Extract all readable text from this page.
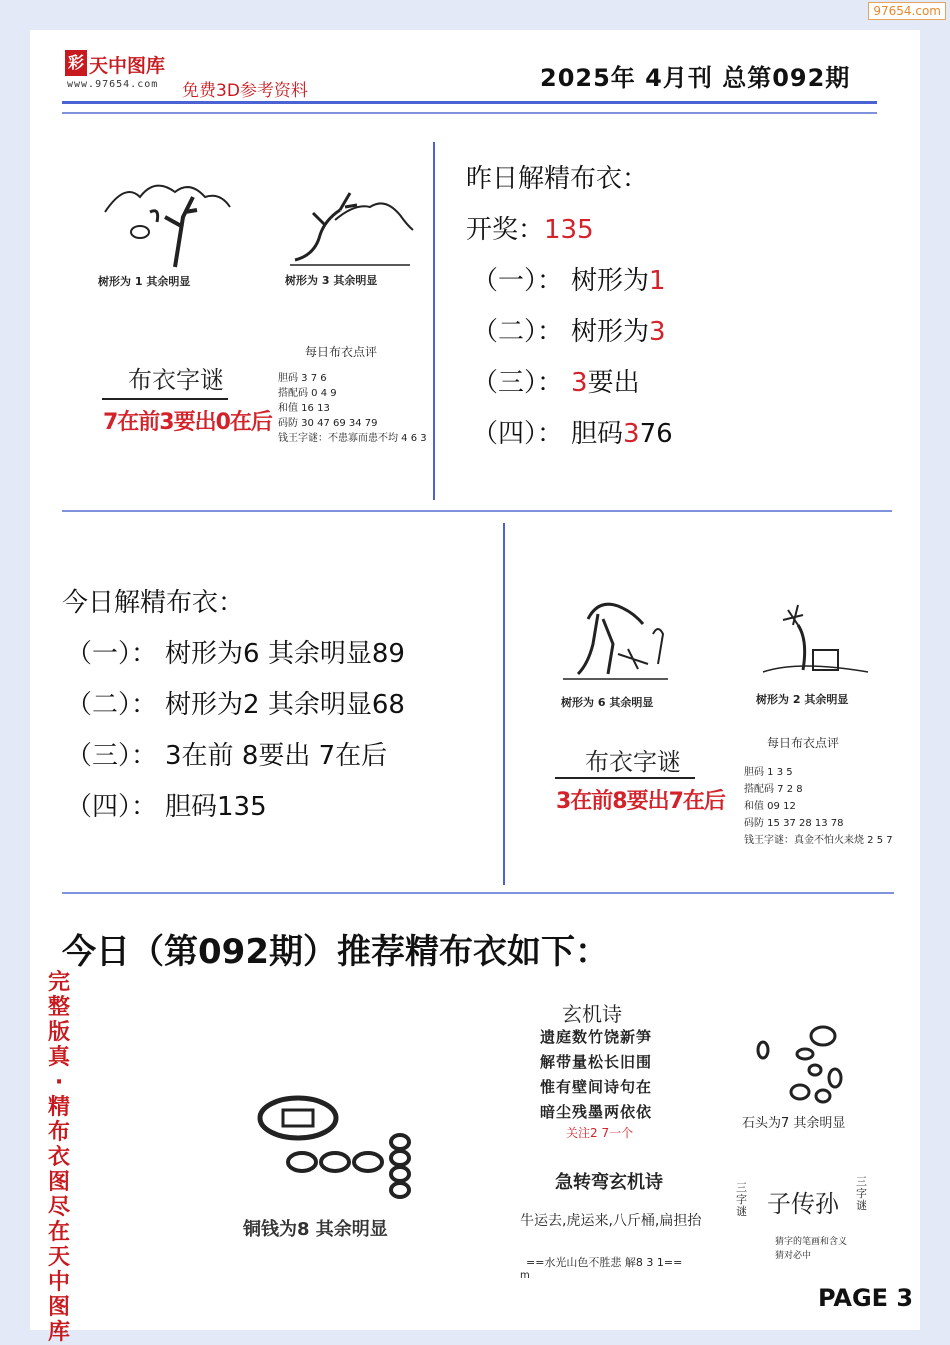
97654.com
彩 天中图库
www.97654.com 免费3D参考资料	2025年 4月刊 总第092期
树形为 1 其余明显	树形为 3 其余明显
布衣字谜
7在前3要出0在后
每日布衣点评
胆码 3 7 6
搭配码 0 4 9
和值 16 13
码防 30 47 69 34 79
钱王字谜：不患寡而患不均 4 6 3
昨日解精布衣：
开奖：135
（一）： 树形为1
（二）： 树形为3
（三）： 3要出
（四）： 胆码376
今日解精布衣：
（一）： 树形为6 其余明显89
（二）： 树形为2 其余明显68
（三）： 3在前 8要出 7在后
（四）： 胆码135
树形为 6 其余明显	树形为 2 其余明显
布衣字谜
3在前8要出7在后
每日布衣点评
胆码 1 3 5
搭配码 7 2 8
和值 09 12
码防 15 37 28 13 78
钱王字谜：真金不怕火来烧 2 5 7
今日（第092期）推荐精布衣如下：
完整版真·精布衣图尽在天中图库
铜钱为8 其余明显
玄机诗
遗庭数竹饶新笋
解带量松长旧围
惟有壁间诗句在
暗尘残墨两依依
关注2 7一个
石头为7 其余明显
急转弯玄机诗
牛运去,虎运来,八斤桶,扁担抬
==水光山色不胜悲 解8 3 1==
m
三字谜 子传孙
三字谜
猜字的笔画和含义
猜对必中
PAGE 3
